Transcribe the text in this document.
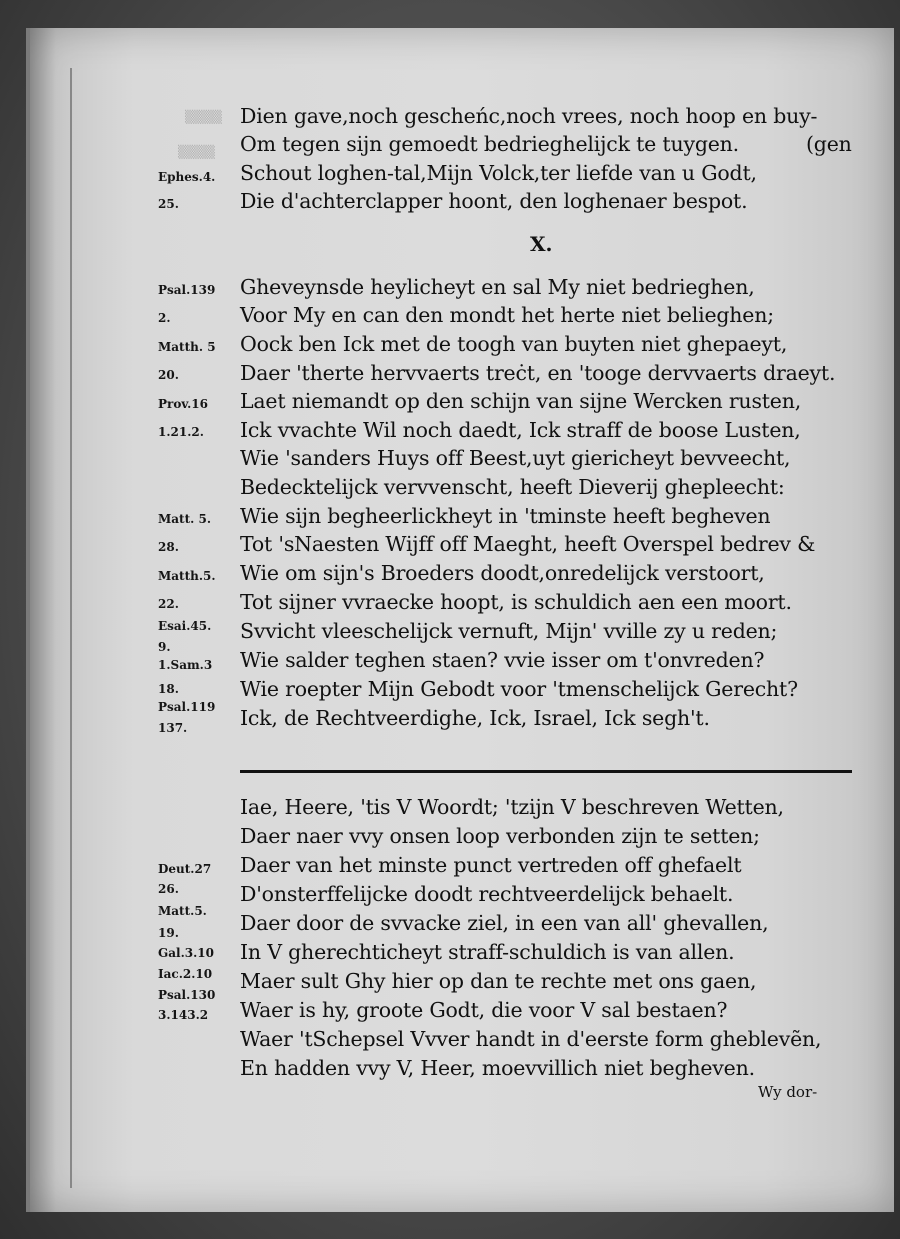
▒▒▒▒
▒▒▒▒
Dien gave,noch gescheńc,noch vrees, noch hoop en buy-
Om tegen sijn gemoedt bedrieghelijck te tuygen.	(gen
Schout loghen-tal,Mijn Volck,ter liefde van u Godt,
Die d'achterclapper hoont, den loghenaer bespot.
X.
Gheveynsde heylicheyt en sal My niet bedrieghen,
Voor My en can den mondt het herte niet belieghen;
Oock ben Ick met de toogh van buyten niet ghepaeyt,
Daer 'therte hervvaerts treċt, en 'tooge dervvaerts draeyt.
Laet niemandt op den schijn van sijne Wercken rusten,
Ick vvachte Wil noch daedt, Ick straff de boose Lusten,
Wie 'sanders Huys off Beest,uyt giericheyt bevveecht,
Bedecktelijck vervvenscht, heeft Dieverij ghepleecht:
Wie sijn begheerlickheyt in 'tminste heeft begheven
Tot 'sNaesten Wijff off Maeght, heeft Overspel bedrev &
Wie om sijn's Broeders doodt,onredelijck verstoort,
Tot sijner vvraecke hoopt, is schuldich aen een moort.
Svvicht vleeschelijck vernuft, Mijn' vville zy u reden;
Wie salder teghen staen? vvie isser om t'onvreden?
Wie roepter Mijn Gebodt voor 'tmenschelijck Gerecht?
Ick, de Rechtveerdighe, Ick, Israel, Ick segh't.
Iae, Heere, 'tis V Woordt; 'tzijn V beschreven Wetten,
Daer naer vvy onsen loop verbonden zijn te setten;
Daer van het minste punct vertreden off ghefaelt
D'onsterffelijcke doodt rechtveerdelijck behaelt.
Daer door de svvacke ziel, in een van all' ghevallen,
In V gherechticheyt straff-schuldich is van allen.
Maer sult Ghy hier op dan te rechte met ons gaen,
Waer is hy, groote Godt, die voor V sal bestaen?
Waer 'tSchepsel Vvver handt in d'eerste form gheblevẽn,
En hadden vvy V, Heer, moevvillich niet begheven.
Ephes.4.
25.
Psal.139
2.
Matth. 5
20.
Prov.16
1.21.2.
Matt. 5.
28.
Matth.5.
22.
Esai.45.
9.
1.Sam.3
18.
Psal.119
137.
Deut.27
26.
Matt.5.
19.
Gal.3.10
Iac.2.10
Psal.130
3.143.2
Wy dor-
